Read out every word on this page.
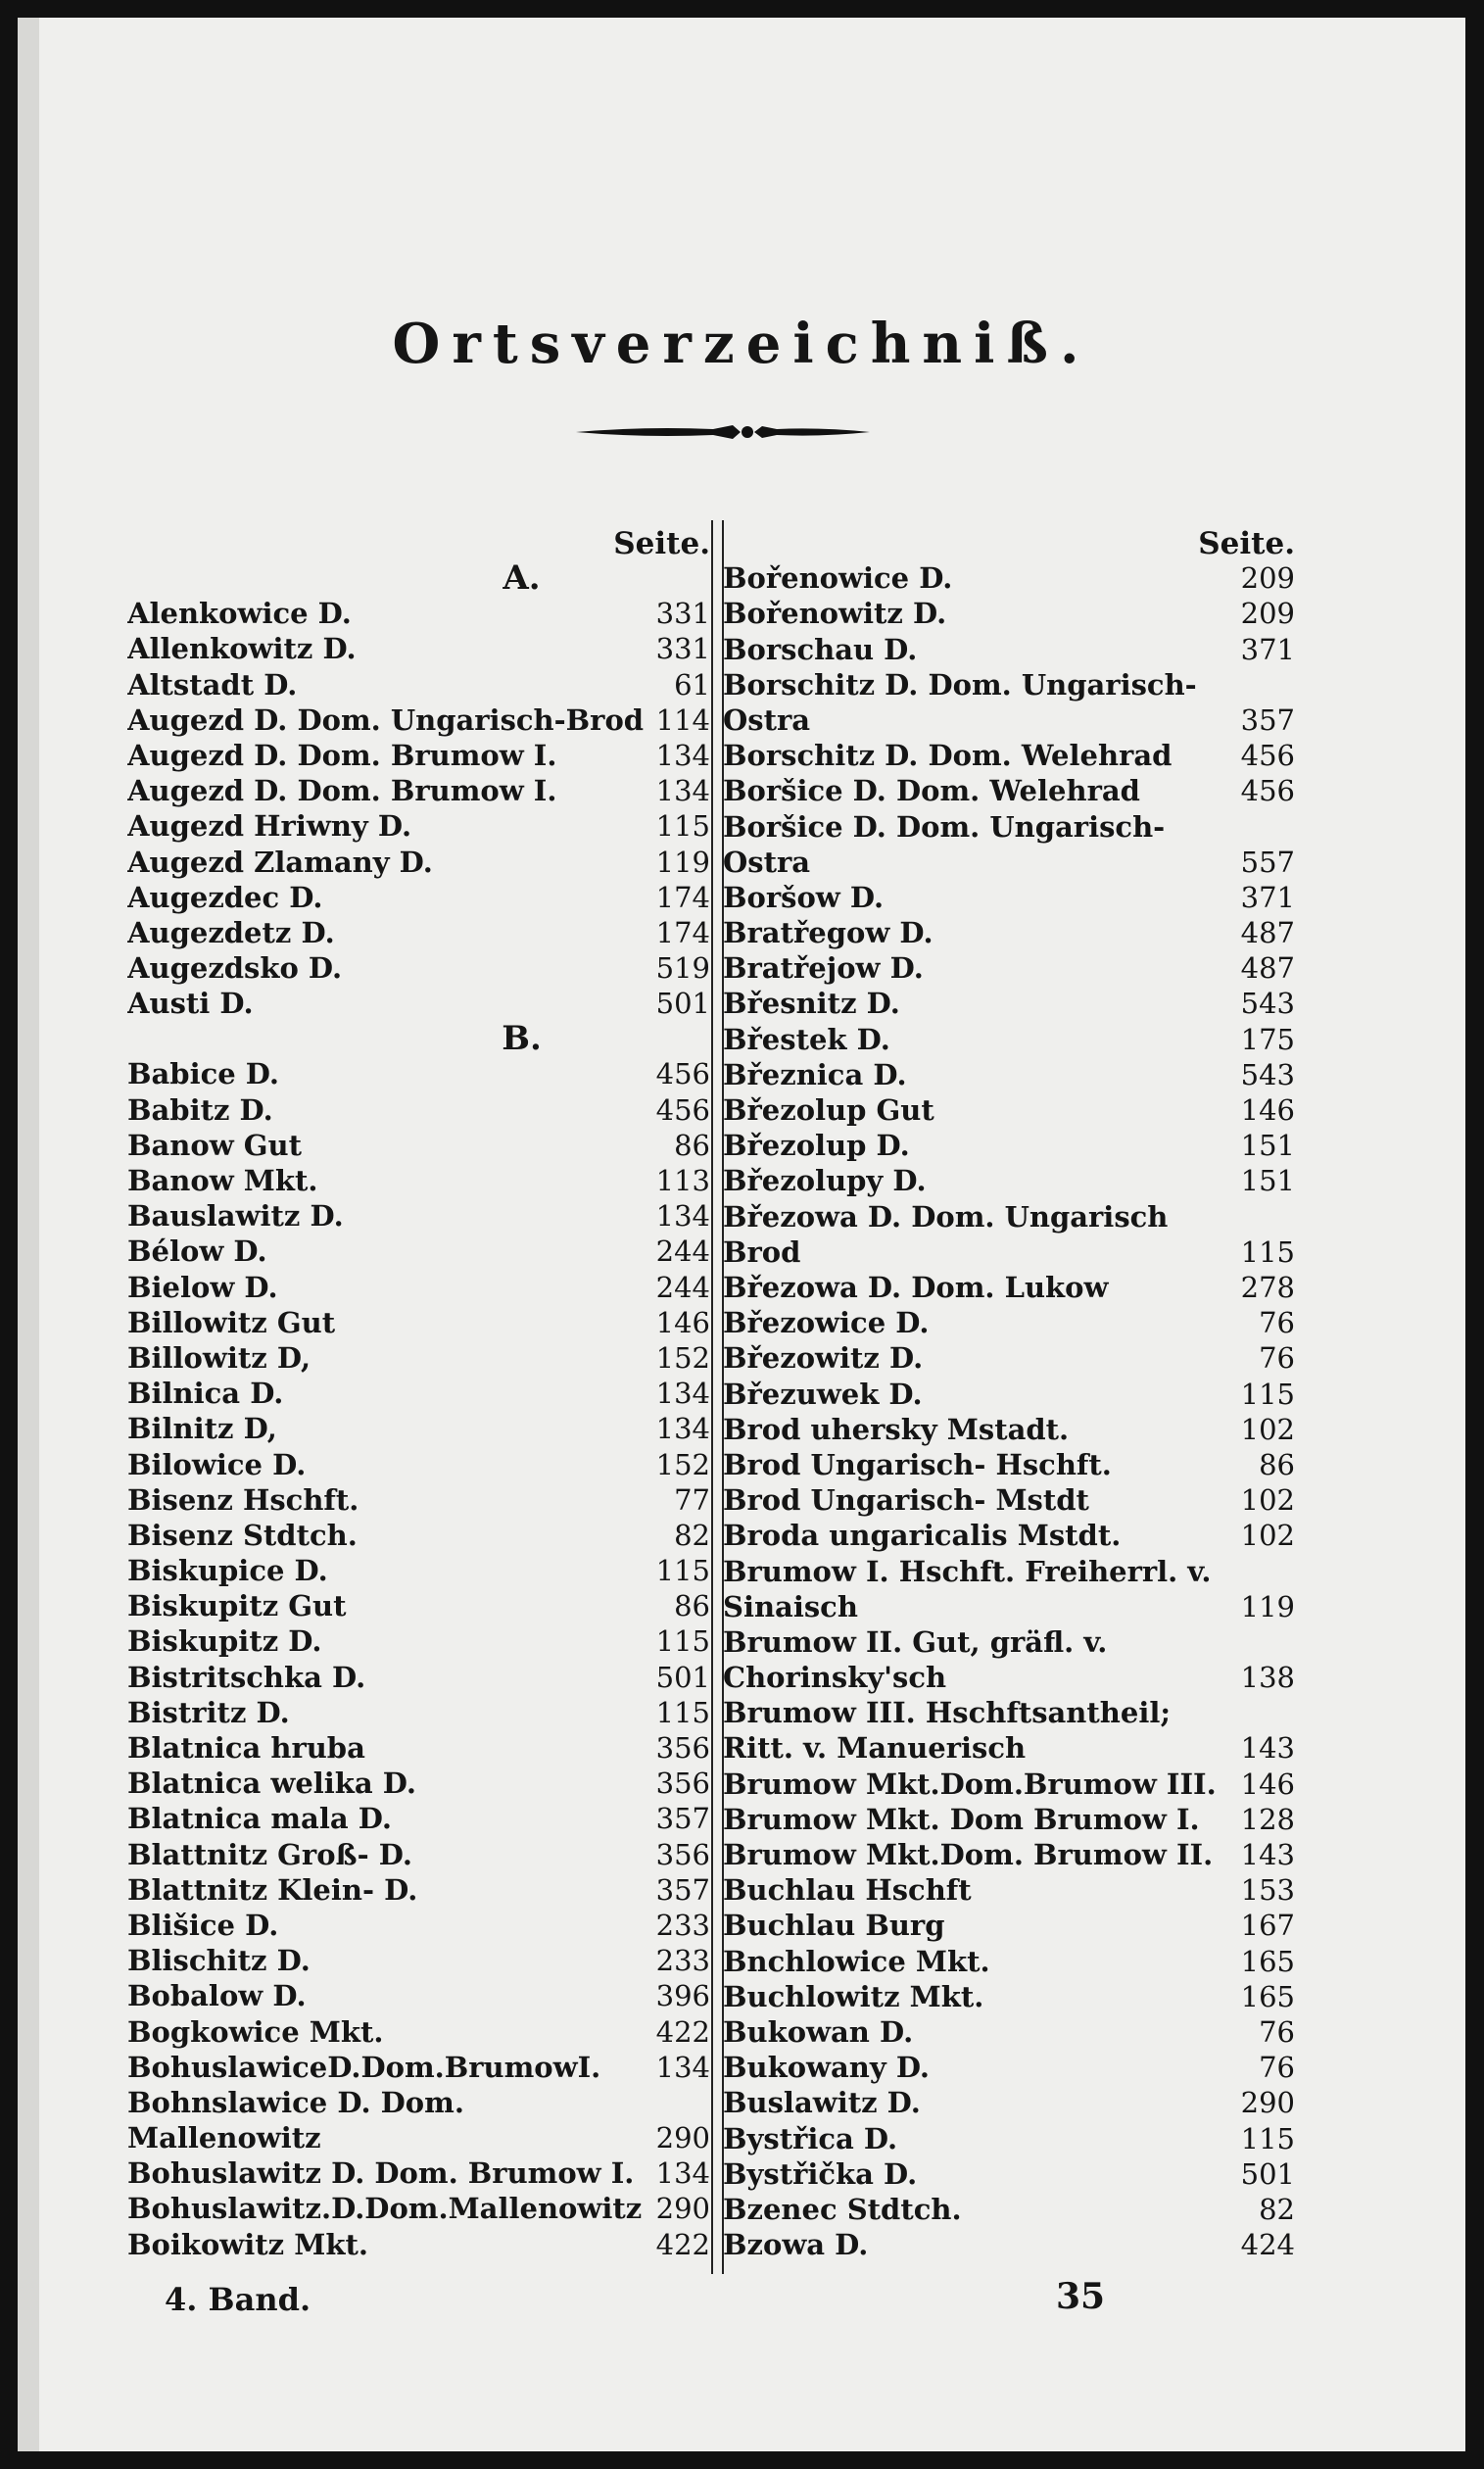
Ortsverzeichniß.
Seite.
A.
Alenkowice D.	331
Allenkowitz D.	331
Altstadt D.	61
Augezd D. Dom. Ungarisch-Brod 114
Augezd D. Dom. Brumow I.	134
Augezd D. Dom. Brumow I.	134
Augezd Hriwny D.	115
Augezd Zlamany D.	119
Augezdec D.	174
Augezdetz D.	174
Augezdsko D.	519
Austi D.	501
B.
Babice D.	456
Babitz D.	456
Banow Gut	86
Banow Mkt.	113
Bauslawitz D.	134
Bélow D.	244
Bielow D.	244
Billowitz Gut	146
Billowitz D,	152
Bilnica D.	134
Bilnitz D,	134
Bilowice D.	152
Bisenz Hschft.	77
Bisenz Stdtch.	82
Biskupice D.	115
Biskupitz Gut	86
Biskupitz D.	115
Bistritschka D.	501
Bistritz D.	115
Blatnica hruba	356
Blatnica welika D.	356
Blatnica mala D.	357
Blattnitz Groß- D.	356
Blattnitz Klein- D.	357
Blišice D.	233
Blischitz D.	233
Bobalow D.	396
Bogkowice Mkt.	422
BohuslawiceD.Dom.BrumowI.	134
Bohnslawice D. Dom. Mallenowitz	290
Bohuslawitz D. Dom. Brumow I. 134
Bohuslawitz.D.Dom.Mallenowitz 290
Boikowitz Mkt.	422
Seite.
Bořenowice D.	209
Bořenowitz D.	209
Borschau D.	371
Borschitz D. Dom. Ungarisch-Ostra	357
Borschitz D. Dom. Welehrad	456
Boršice D. Dom. Welehrad	456
Boršice D. Dom. Ungarisch-Ostra	557
Boršow D.	371
Bratřegow D.	487
Bratřejow D.	487
Břesnitz D.	543
Břestek D.	175
Březnica D.	543
Březolup Gut	146
Březolup D.	151
Březolupy D.	151
Březowa D. Dom. Ungarisch Brod	115
Březowa D. Dom. Lukow	278
Březowice D.	76
Březowitz D.	76
Březuwek D.	115
Brod uhersky Mstadt.	102
Brod Ungarisch- Hschft.	86
Brod Ungarisch- Mstdt	102
Broda ungaricalis Mstdt.	102
Brumow I. Hschft. Freiherrl. v. Sinaisch	119
Brumow II. Gut, gräfl. v. Chorinsky'sch	138
Brumow III. Hschftsantheil; Ritt. v. Manuerisch	143
Brumow Mkt.Dom.Brumow III. 146
Brumow Mkt. Dom Brumow I.	128
Brumow Mkt.Dom. Brumow II. 143
Buchlau Hschft	153
Buchlau Burg	167
Bnchlowice Mkt.	165
Buchlowitz Mkt.	165
Bukowan D.	76
Bukowany D.	76
Buslawitz D.	290
Bystřica D.	115
Bystřička D.	501
Bzenec Stdtch.	82
Bzowa D.	424
4. Band.	35
